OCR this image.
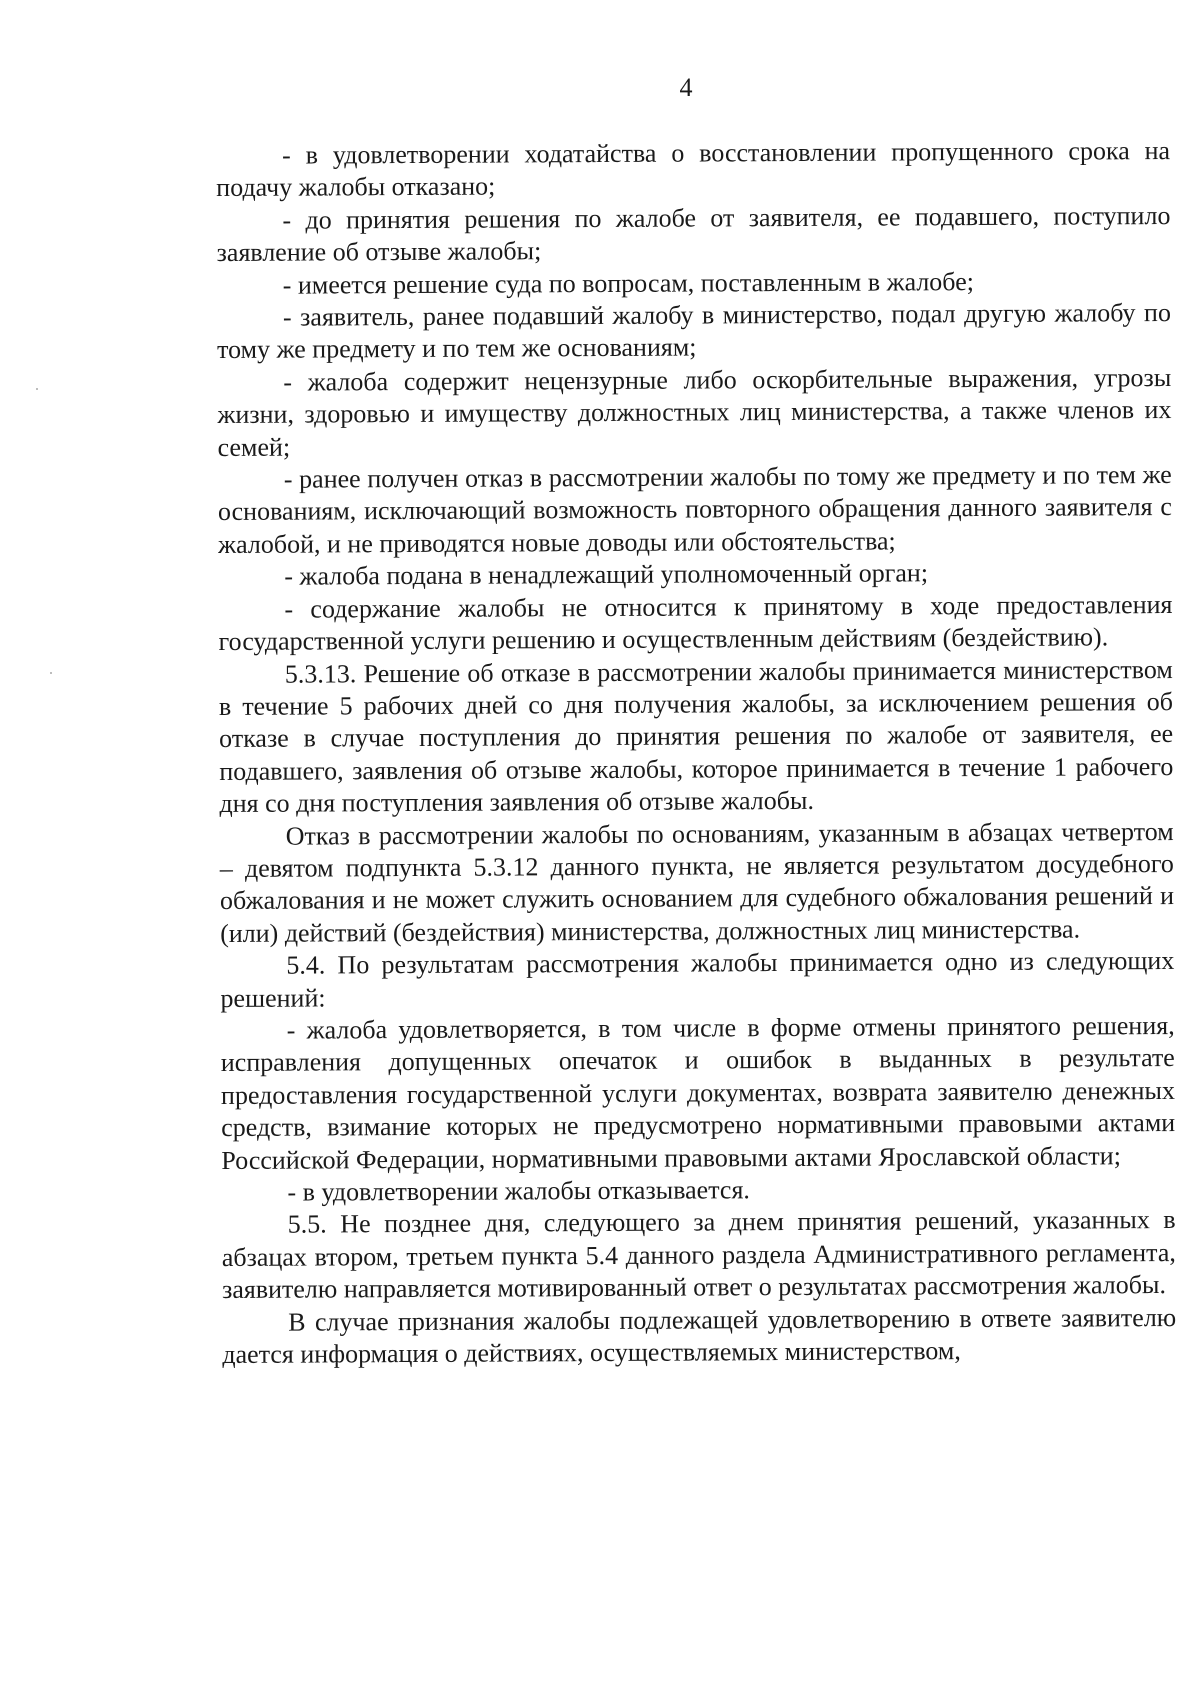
4

- в удовлетворении ходатайства о восстановлении пропущенного срока на подачу жалобы отказано;

- до принятия решения по жалобе от заявителя, ее подавшего, поступило заявление об отзыве жалобы;

- имеется решение суда по вопросам, поставленным в жалобе;

- заявитель, ранее подавший жалобу в министерство, подал другую жалобу по тому же предмету и по тем же основаниям;

- жалоба содержит нецензурные либо оскорбительные выражения, угрозы жизни, здоровью и имуществу должностных лиц министерства, а также членов их семей;

- ранее получен отказ в рассмотрении жалобы по тому же предмету и по тем же основаниям, исключающий возможность повторного обращения данного заявителя с жалобой, и не приводятся новые доводы или обстоятельства;

- жалоба подана в ненадлежащий уполномоченный орган;

- содержание жалобы не относится к принятому в ходе предоставления государственной услуги решению и осуществленным действиям (бездействию).

5.3.13. Решение об отказе в рассмотрении жалобы принимается министерством в течение 5 рабочих дней со дня получения жалобы, за исключением решения об отказе в случае поступления до принятия решения по жалобе от заявителя, ее подавшего, заявления об отзыве жалобы, которое принимается в течение 1 рабочего дня со дня поступления заявления об отзыве жалобы.

Отказ в рассмотрении жалобы по основаниям, указанным в абзацах четвертом – девятом подпункта 5.3.12 данного пункта, не является результатом досудебного обжалования и не может служить основанием для судебного обжалования решений и (или) действий (бездействия) министерства, должностных лиц министерства.

5.4. По результатам рассмотрения жалобы принимается одно из следующих решений:

- жалоба удовлетворяется, в том числе в форме отмены принятого решения, исправления допущенных опечаток и ошибок в выданных в результате предоставления государственной услуги документах, возврата заявителю денежных средств, взимание которых не предусмотрено нормативными правовыми актами Российской Федерации, нормативными правовыми актами Ярославской области;

- в удовлетворении жалобы отказывается.

5.5. Не позднее дня, следующего за днем принятия решений, указанных в абзацах втором, третьем пункта 5.4 данного раздела Административного регламента, заявителю направляется мотивированный ответ о результатах рассмотрения жалобы.

В случае признания жалобы подлежащей удовлетворению в ответе заявителю дается информация о действиях, осуществляемых министерством,
